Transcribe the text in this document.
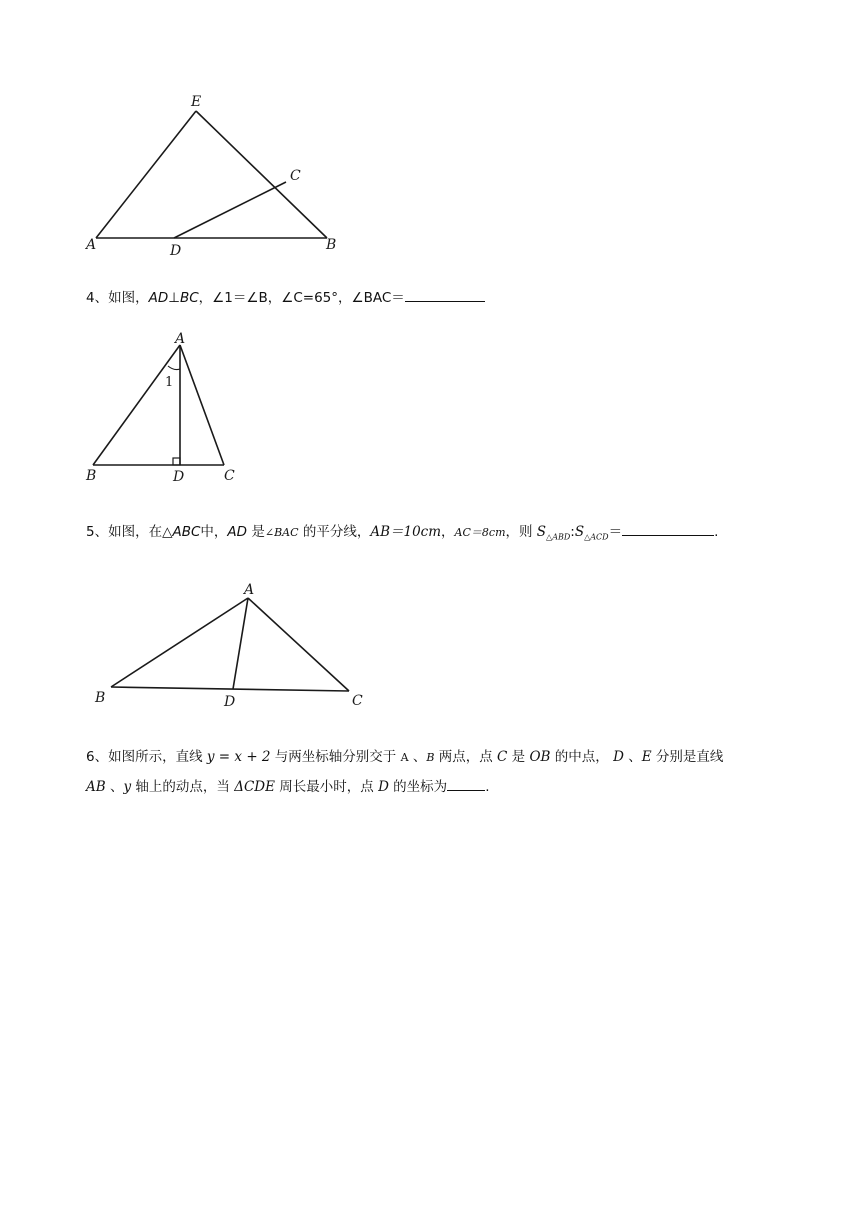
E
C
A	D	B
4、如图，AD⊥BC，∠1＝∠B，∠C=65°，∠BAC＝
A
1
B	D	C
5、如图，在△ABC中，AD 是∠BAC 的平分线，AB＝10cm，AC＝8cm，则 $S_{\triangle ABD}:S_{\triangle ACD}=$	.
A
B	D	C
6、如图所示，直线 y = x + 2 与两坐标轴分别交于 A 、B 两点，点 C 是 OB 的中点， D 、E 分别是直线
AB 、y 轴上的动点，当 ΔCDE 周长最小时，点 D 的坐标为	.
